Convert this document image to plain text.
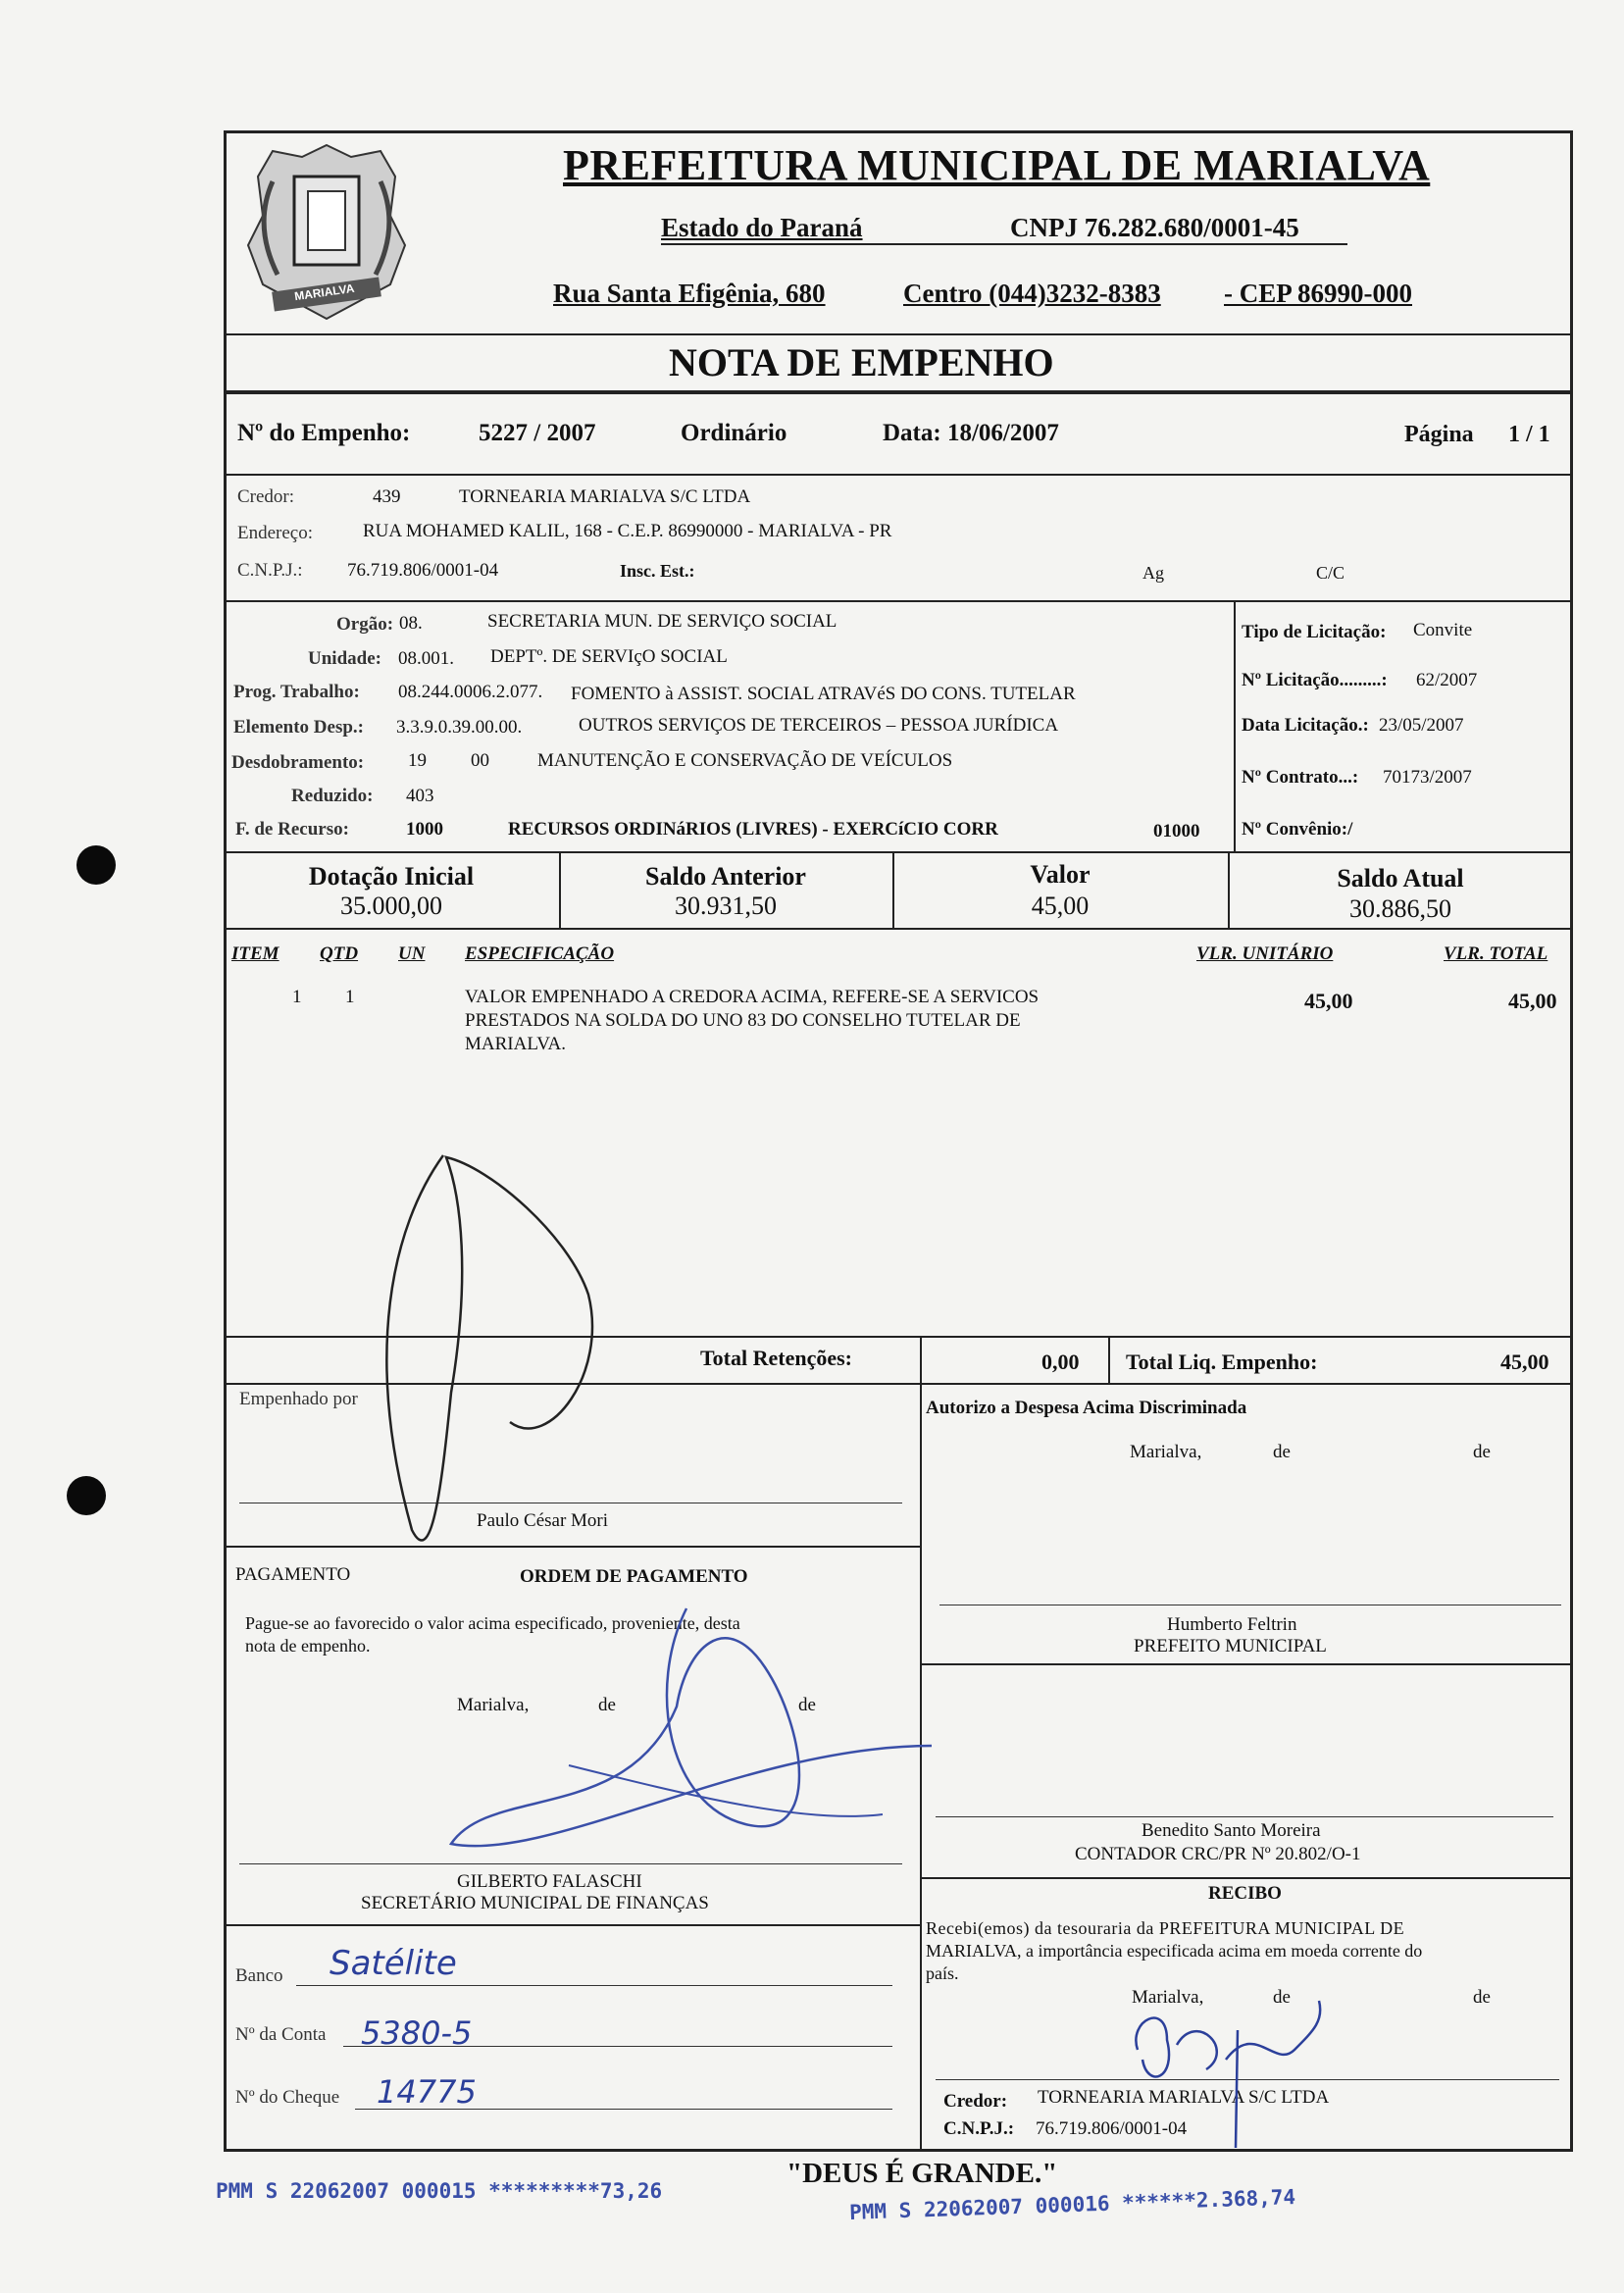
MARIALVA
PREFEITURA MUNICIPAL DE MARIALVA
Estado do Paraná	CNPJ 76.282.680/0001-45
Rua Santa Efigênia, 680	Centro (044)3232-8383 - CEP 86990-000
NOTA DE EMPENHO
Nº do Empenho:	5227 / 2007	Ordinário	Data: 18/06/2007	Página 1 / 1
Credor:	439	TORNEARIA MARIALVA S/C LTDA
Endereço:	RUA MOHAMED KALIL, 168 - C.E.P. 86990000 - MARIALVA - PR
C.N.P.J.: 76.719.806/0001-04	Insc. Est.:	Ag	C/C
Orgão: 08.	SECRETARIA MUN. DE SERVIÇO SOCIAL
Unidade: 08.001. DEPTº. DE SERVIçO SOCIAL
Prog. Trabalho: 08.244.0006.2.077. FOMENTO à ASSIST. SOCIAL ATRAVéS DO CONS. TUTELAR
Elemento Desp.: 3.3.9.0.39.00.00.	OUTROS SERVIÇOS DE TERCEIROS – PESSOA JURÍDICA
Desdobramento: 19 00	MANUTENÇÃO E CONSERVAÇÃO DE VEÍCULOS
Reduzido: 403
F. de Recurso:	1000	RECURSOS ORDINáRIOS (LIVRES) - EXERCíCIO CORR	01000
Tipo de Licitação: Convite
Nº Licitação.........: 62/2007
Data Licitação.: 23/05/2007
Nº Contrato...: 70173/2007
Nº Convênio:/
Dotação Inicial
35.000,00
Saldo Anterior
30.931,50
Valor
45,00
Saldo Atual
30.886,50
ITEM QTD UN ESPECIFICAÇÃO	VLR. UNITÁRIO	VLR. TOTAL
1 1	VALOR EMPENHADO A CREDORA ACIMA, REFERE-SE A SERVICOS
PRESTADOS NA SOLDA DO UNO 83 DO CONSELHO TUTELAR DE
MARIALVA.
45,00	45,00
Total Retenções:	0,00 Total Liq. Empenho:	45,00
Empenhado por
Paulo César Mori
Autorizo a Despesa Acima Discriminada
Marialva,	de	de
Humberto Feltrin
PREFEITO MUNICIPAL
PAGAMENTO	ORDEM DE PAGAMENTO
Pague-se ao favorecido o valor acima especificado, proveniente, desta
nota de empenho.
Marialva,	de	de
GILBERTO FALASCHI
SECRETÁRIO MUNICIPAL DE FINANÇAS
Benedito Santo Moreira
CONTADOR CRC/PR Nº 20.802/O-1
Banco Satélite
Nº da Conta 5380-5
Nº do Cheque 14775
RECIBO
Recebi(emos) da tesouraria da PREFEITURA MUNICIPAL DE
MARIALVA, a importância especificada acima em moeda corrente do
país.
Marialva,	de	de
Credor: TORNEARIA MARIALVA S/C LTDA
C.N.P.J.: 76.719.806/0001-04
"DEUS É GRANDE."
PMM S 22062007 000015 *********73,26	PMM S 22062007 000016 ******2.368,74
